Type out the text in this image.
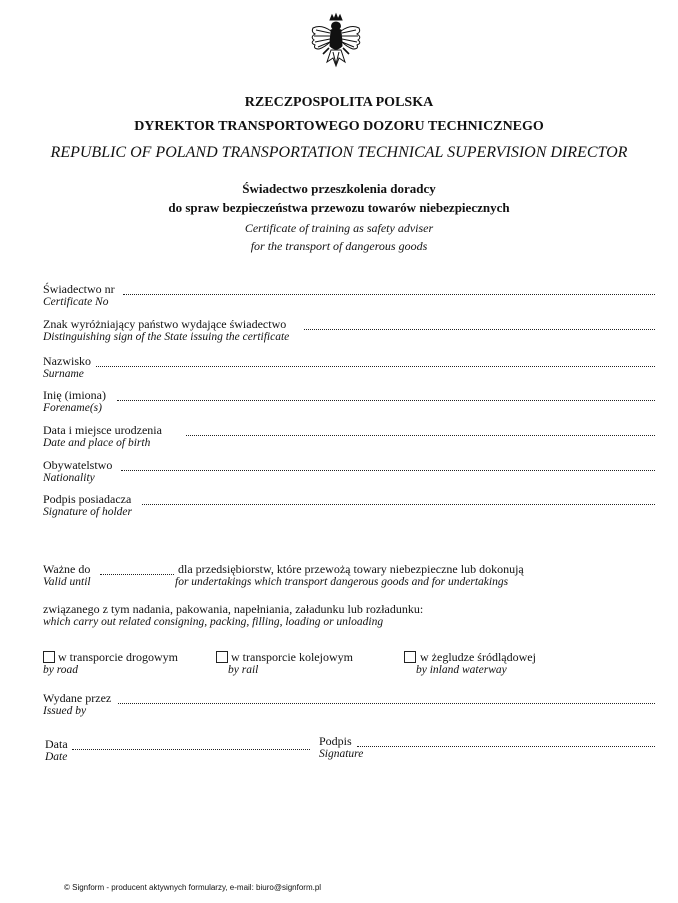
RZECZPOSPOLITA POLSKA
DYREKTOR TRANSPORTOWEGO DOZORU TECHNICZNEGO
REPUBLIC OF POLAND TRANSPORTATION TECHNICAL SUPERVISION DIRECTOR
Świadectwo przeszkolenia doradcy
do spraw bezpieczeństwa przewozu towarów niebezpiecznych
Certificate of training as safety adviser
for the transport of dangerous goods
Świadectwo nr
Certificate No
Znak wyróżniający państwo wydające świadectwo
Distinguishing sign of the State issuing the certificate
Nazwisko
Surname
Inię (imiona)
Forename(s)
Data i miejsce urodzenia
Date and place of birth
Obywatelstwo
Nationality
Podpis posiadacza
Signature of holder
Ważne do	dla przedsiębiorstw, które przewożą towary niebezpieczne lub dokonują
Valid until	for undertakings which transport dangerous goods and for undertakings
związanego z tym nadania, pakowania, napełniania, załadunku lub rozładunku:
which carry out related consigning, packing, filling, loading or unloading
w transporcie drogowym
by road
w transporcie kolejowym
by rail
w żegludze śródlądowej
by inland waterway
Wydane przez
Issued by
Data
Date
Podpis
Signature
© Signform - producent aktywnych formularzy, e-mail: biuro@signform.pl
